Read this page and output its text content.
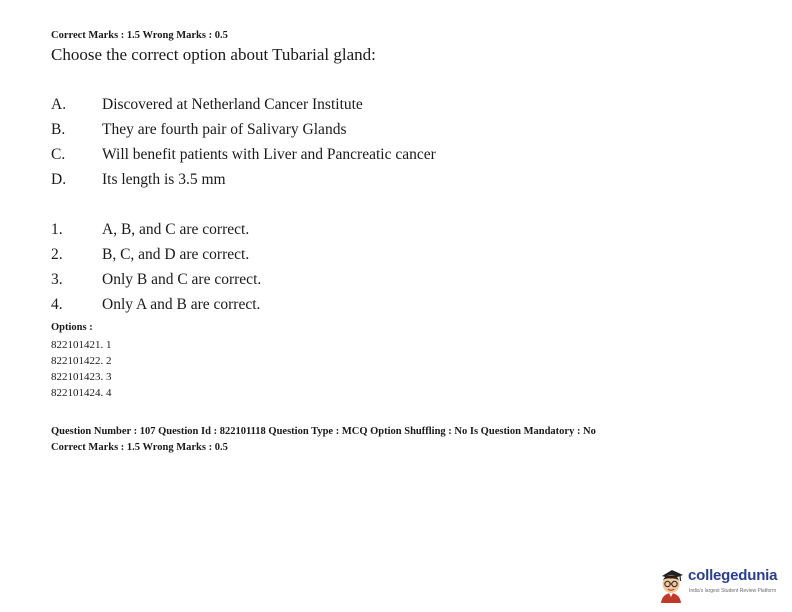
Correct Marks : 1.5 Wrong Marks : 0.5
Choose the correct option about Tubarial gland:
A. Discovered at Netherland Cancer Institute
B. They are fourth pair of Salivary Glands
C. Will benefit patients with Liver and Pancreatic cancer
D. Its length is 3.5 mm
1.	A, B, and C are correct.
2.	B, C, and D are correct.
3.	Only B and C are correct.
4.	Only A and B are correct.
Options :
822101421. 1
822101422. 2
822101423. 3
822101424. 4
Question Number : 107 Question Id : 822101118 Question Type : MCQ Option Shuffling : No Is Question Mandatory : No
Correct Marks : 1.5 Wrong Marks : 0.5
collegedunia
India's largest Student Review Platform
